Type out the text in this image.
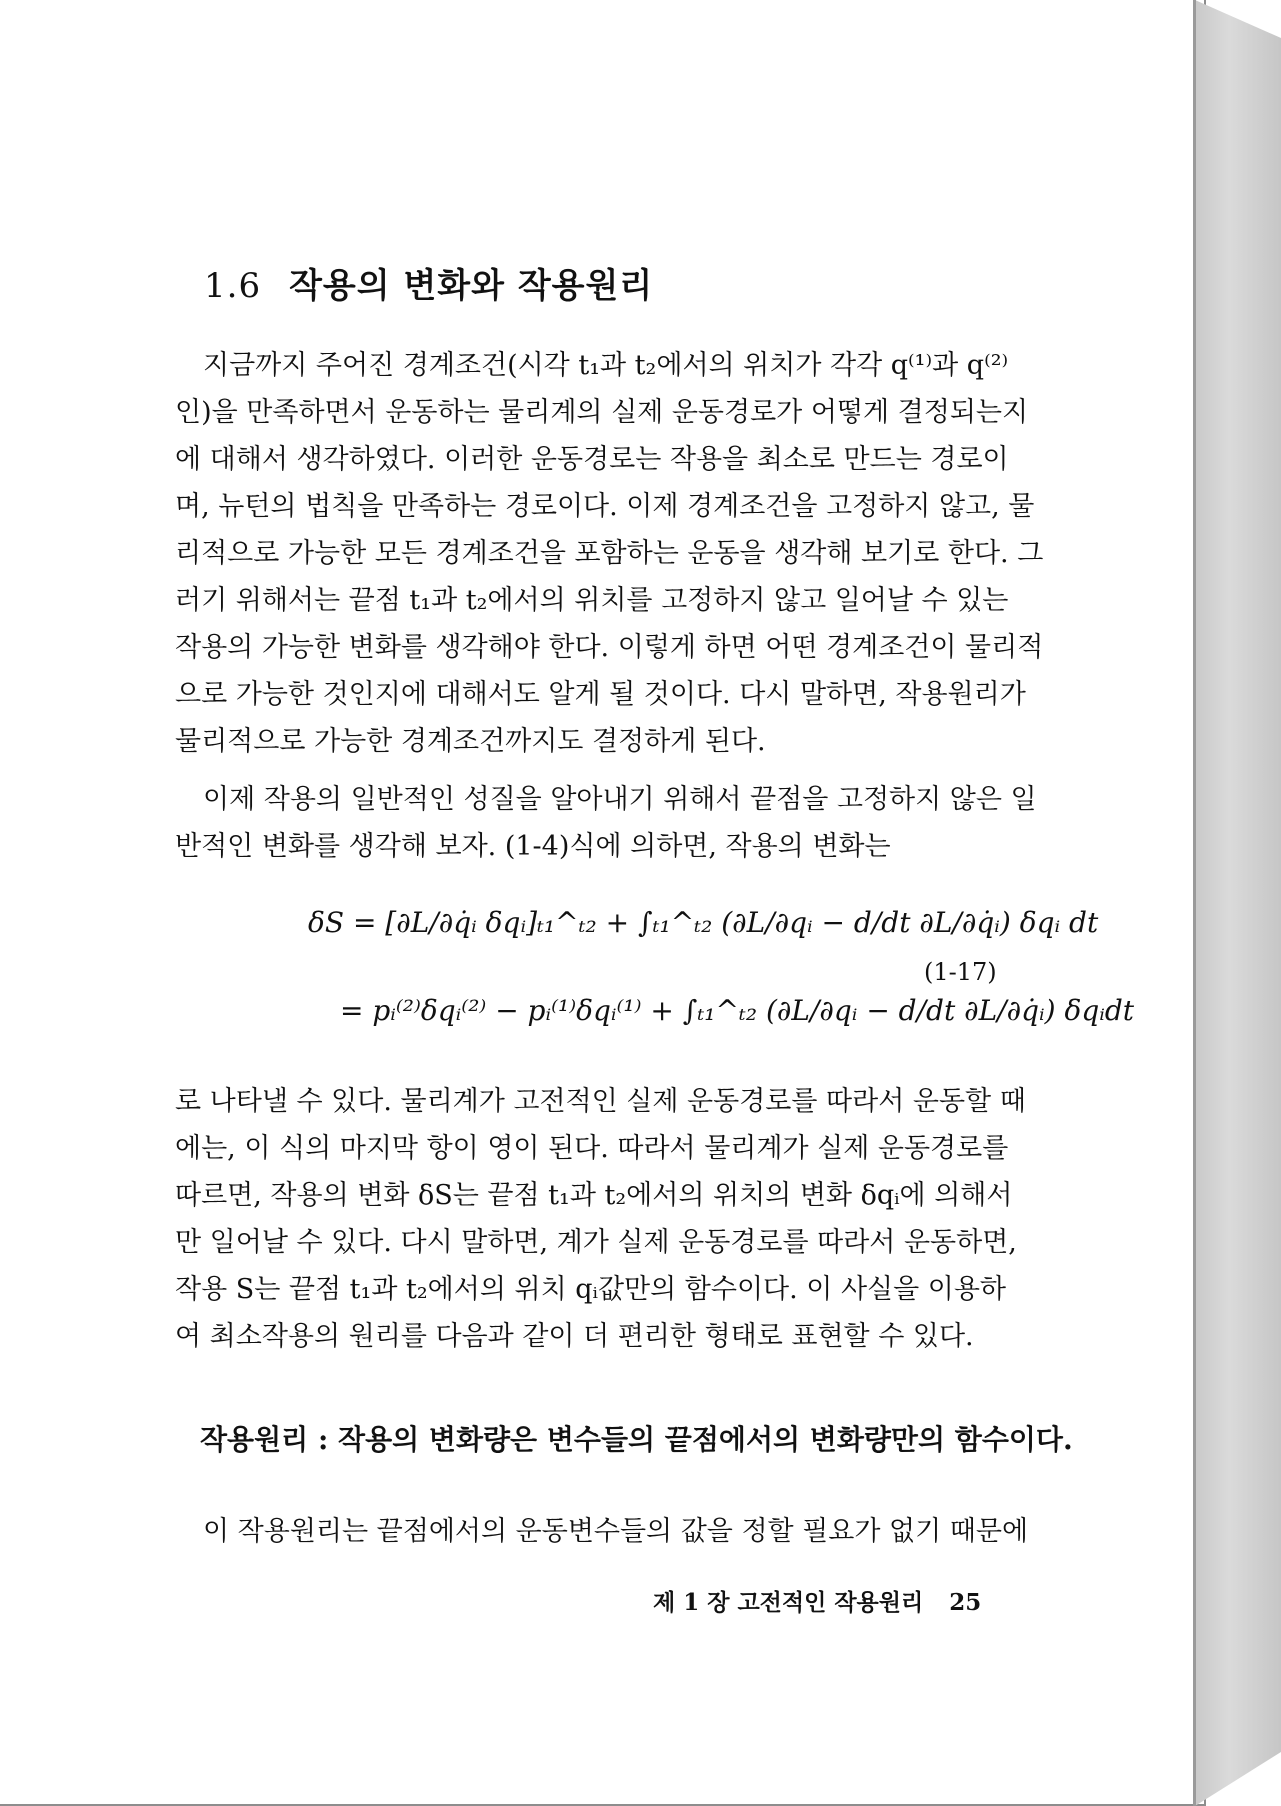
1.6 작용의 변화와 작용원리
지금까지 주어진 경계조건(시각 t₁과 t₂에서의 위치가 각각 q⁽¹⁾과 q⁽²⁾
인)을 만족하면서 운동하는 물리계의 실제 운동경로가 어떻게 결정되는지
에 대해서 생각하였다. 이러한 운동경로는 작용을 최소로 만드는 경로이
며, 뉴턴의 법칙을 만족하는 경로이다. 이제 경계조건을 고정하지 않고, 물
리적으로 가능한 모든 경계조건을 포함하는 운동을 생각해 보기로 한다. 그
러기 위해서는 끝점 t₁과 t₂에서의 위치를 고정하지 않고 일어날 수 있는
작용의 가능한 변화를 생각해야 한다. 이렇게 하면 어떤 경계조건이 물리적
으로 가능한 것인지에 대해서도 알게 될 것이다. 다시 말하면, 작용원리가
물리적으로 가능한 경계조건까지도 결정하게 된다.
이제 작용의 일반적인 성질을 알아내기 위해서 끝점을 고정하지 않은 일
반적인 변화를 생각해 보자. (1-4)식에 의하면, 작용의 변화는
δS = [∂L/∂q̇ᵢ δqᵢ]ₜ₁^ₜ₂ + ∫ₜ₁^ₜ₂ (∂L/∂qᵢ − d/dt ∂L/∂q̇ᵢ) δqᵢ dt
= pᵢ⁽²⁾δqᵢ⁽²⁾ − pᵢ⁽¹⁾δqᵢ⁽¹⁾ + ∫ₜ₁^ₜ₂ (∂L/∂qᵢ − d/dt ∂L/∂q̇ᵢ) δqᵢdt
(1-17)
로 나타낼 수 있다. 물리계가 고전적인 실제 운동경로를 따라서 운동할 때
에는, 이 식의 마지막 항이 영이 된다. 따라서 물리계가 실제 운동경로를
따르면, 작용의 변화 δS는 끝점 t₁과 t₂에서의 위치의 변화 δqᵢ에 의해서
만 일어날 수 있다. 다시 말하면, 계가 실제 운동경로를 따라서 운동하면,
작용 S는 끝점 t₁과 t₂에서의 위치 qᵢ값만의 함수이다. 이 사실을 이용하
여 최소작용의 원리를 다음과 같이 더 편리한 형태로 표현할 수 있다.
작용원리 : 작용의 변화량은 변수들의 끝점에서의 변화량만의 함수이다.
이 작용원리는 끝점에서의 운동변수들의 값을 정할 필요가 없기 때문에
제 1 장 고전적인 작용원리 25
